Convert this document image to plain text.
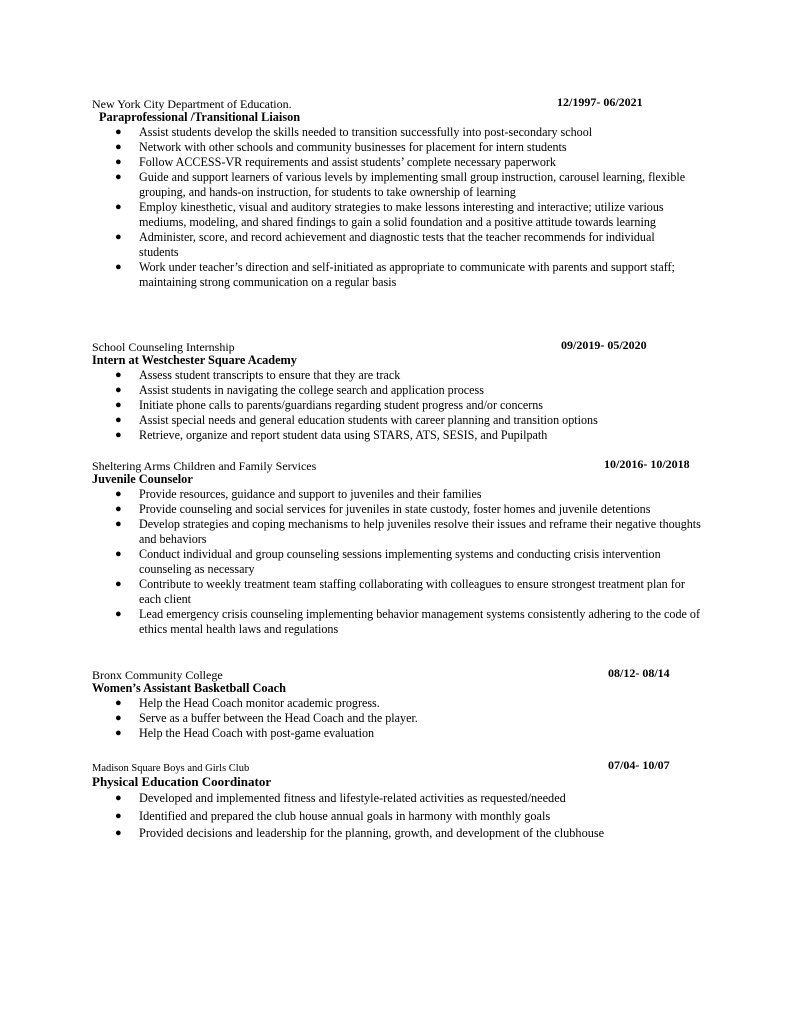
New York City Department of Education.	12/1997- 06/2021
Paraprofessional /Transitional Liaison
● Assist students develop the skills needed to transition successfully into post-secondary school
● Network with other schools and community businesses for placement for intern students
● Follow ACCESS-VR requirements and assist students’ complete necessary paperwork
● Guide and support learners of various levels by implementing small group instruction, carousel learning, flexible grouping, and hands-on instruction, for students to take ownership of learning
● Employ kinesthetic, visual and auditory strategies to make lessons interesting and interactive; utilize various mediums, modeling, and shared findings to gain a solid foundation and a positive attitude towards learning
● Administer, score, and record achievement and diagnostic tests that the teacher recommends for individual students
● Work under teacher’s direction and self-initiated as appropriate to communicate with parents and support staff; maintaining strong communication on a regular basis
School Counseling Internship	09/2019- 05/2020
Intern at Westchester Square Academy
● Assess student transcripts to ensure that they are track
● Assist students in navigating the college search and application process
● Initiate phone calls to parents/guardians regarding student progress and/or concerns
● Assist special needs and general education students with career planning and transition options
● Retrieve, organize and report student data using STARS, ATS, SESIS, and Pupilpath
Sheltering Arms Children and Family Services	10/2016- 10/2018
Juvenile Counselor
● Provide resources, guidance and support to juveniles and their families
● Provide counseling and social services for juveniles in state custody, foster homes and juvenile detentions
● Develop strategies and coping mechanisms to help juveniles resolve their issues and reframe their negative thoughts and behaviors
● Conduct individual and group counseling sessions implementing systems and conducting crisis intervention counseling as necessary
● Contribute to weekly treatment team staffing collaborating with colleagues to ensure strongest treatment plan for each client
● Lead emergency crisis counseling implementing behavior management systems consistently adhering to the code of ethics mental health laws and regulations
Bronx Community College	08/12- 08/14
Women’s Assistant Basketball Coach
● Help the Head Coach monitor academic progress.
● Serve as a buffer between the Head Coach and the player.
● Help the Head Coach with post-game evaluation
Madison Square Boys and Girls Club	07/04- 10/07
Physical Education Coordinator
● Developed and implemented fitness and lifestyle-related activities as requested/needed
● Identified and prepared the club house annual goals in harmony with monthly goals
● Provided decisions and leadership for the planning, growth, and development of the clubhouse
